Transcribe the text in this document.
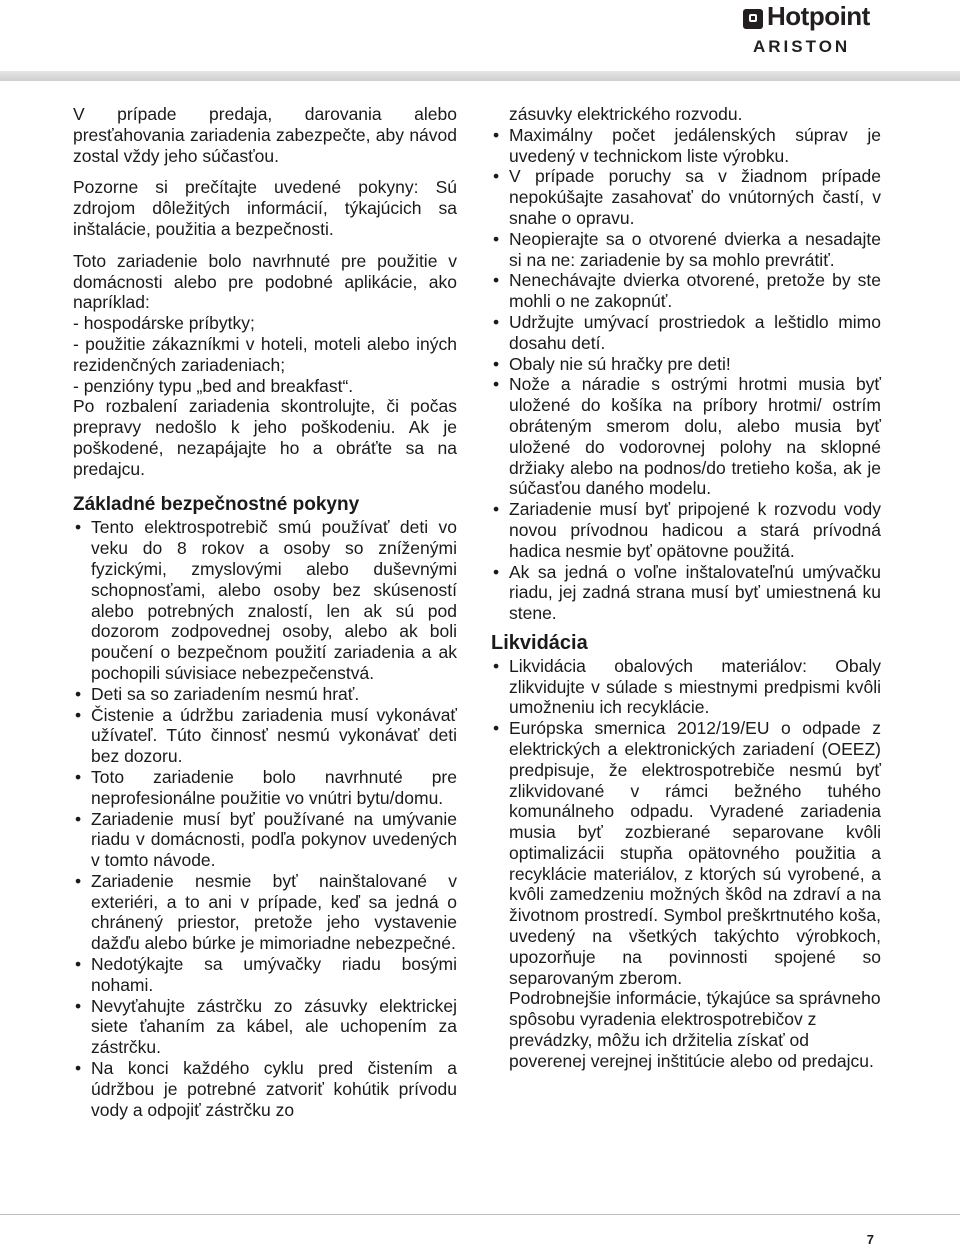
Hotpoint
ARISTON

V prípade predaja, darovania alebo presťahovania zariadenia zabezpečte, aby návod zostal vždy jeho súčasťou.

Pozorne si prečítajte uvedené pokyny: Sú zdrojom dôležitých informácií, týkajúcich sa inštalácie, použitia a bezpečnosti.

Toto zariadenie bolo navrhnuté pre použitie v domácnosti alebo pre podobné aplikácie, ako napríklad:

- hospodárske príbytky;

- použitie zákazníkmi v hoteli, moteli alebo iných rezidenčných zariadeniach;

- penzióny typu „bed and breakfast“.

Po rozbalení zariadenia skontrolujte, či počas prepravy nedošlo k jeho poškodeniu. Ak je poškodené, nezapájajte ho a obráťte sa na predajcu.

Základné bezpečnostné pokyny
• Tento elektrospotrebič smú používať deti vo veku do 8 rokov a osoby so zníženými fyzickými, zmyslovými alebo duševnými schopnosťami, alebo osoby bez skúseností alebo potrebných znalostí, len ak sú pod dozorom zodpovednej osoby, alebo ak boli poučení o bezpečnom použití zariadenia a ak pochopili súvisiace nebezpečenstvá.
• Deti sa so zariadením nesmú hrať.
• Čistenie a údržbu zariadenia musí vykonávať užívateľ. Túto činnosť nesmú vykonávať deti bez dozoru.
• Toto zariadenie bolo navrhnuté pre neprofesionálne použitie vo vnútri bytu/domu.
• Zariadenie musí byť používané na umývanie riadu v domácnosti, podľa pokynov uvedených v tomto návode.
• Zariadenie nesmie byť nainštalované v exteriéri, a to ani v prípade, keď sa jedná o chránený priestor, pretože jeho vystavenie dažďu alebo búrke je mimoriadne nebezpečné.
• Nedotýkajte sa umývačky riadu bosými nohami.
• Nevyťahujte zástrčku zo zásuvky elektrickej siete ťahaním za kábel, ale uchopením za zástrčku.
• Na konci každého cyklu pred čistením a údržbou je potrebné zatvoriť kohútik prívodu vody a odpojiť zástrčku zo
zásuvky elektrického rozvodu.
• Maximálny počet jedálenských súprav je uvedený v technickom liste výrobku.
• V prípade poruchy sa v žiadnom prípade nepokúšajte zasahovať do vnútorných častí, v snahe o opravu.
• Neopierajte sa o otvorené dvierka a nesadajte si na ne: zariadenie by sa mohlo prevrátiť.
• Nenechávajte dvierka otvorené, pretože by ste mohli o ne zakopnúť.
• Udržujte umývací prostriedok a leštidlo mimo dosahu detí.
• Obaly nie sú hračky pre deti!
• Nože a náradie s ostrými hrotmi musia byť uložené do košíka na príbory hrotmi/ ostrím obráteným smerom dolu, alebo musia byť uložené do vodorovnej polohy na sklopné držiaky alebo na podnos/do tretieho koša, ak je súčasťou daného modelu.
• Zariadenie musí byť pripojené k rozvodu vody novou prívodnou hadicou a stará prívodná hadica nesmie byť opätovne použitá.
• Ak sa jedná o voľne inštalovateľnú umývačku riadu, jej zadná strana musí byť umiestnená ku stene.
Likvidácia
• Likvidácia obalových materiálov: Obaly zlikvidujte v súlade s miestnymi predpismi kvôli umožneniu ich recyklácie.
• Európska smernica 2012/19/EU o odpade z elektrických a elektronických zariadení (OEEZ) predpisuje, že elektrospotrebiče nesmú byť zlikvidované v rámci bežného tuhého komunálneho odpadu. Vyradené zariadenia musia byť zozbierané separovane kvôli optimalizácii stupňa opätovného použitia a recyklácie materiálov, z ktorých sú vyrobené, a kvôli zamedzeniu možných škôd na zdraví a na životnom prostredí. Symbol preškrtnutého koša, uvedený na všetkých takýchto výrobkoch, upozorňuje na povinnosti spojené so separovaným zberom.
Podrobnejšie informácie, týkajúce sa správneho spôsobu vyradenia elektrospotrebičov z prevádzky, môžu ich držitelia získať od poverenej verejnej inštitúcie alebo od predajcu.
7
